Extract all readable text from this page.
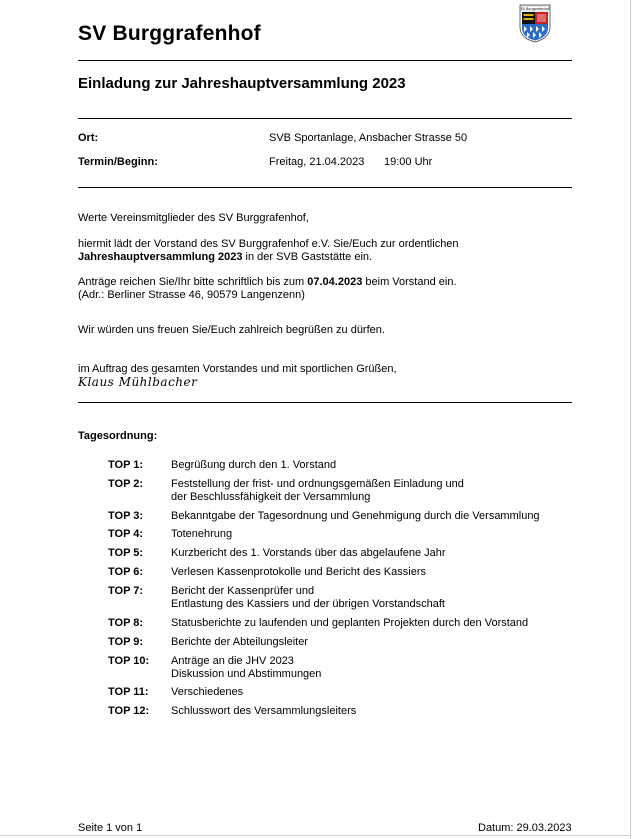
SV Burggrafenhof
SV Burggrafenhof
Einladung zur Jahreshauptversammlung 2023
Ort:	SVB Sportanlage, Ansbacher Strasse 50
Termin/Beginn:	Freitag, 21.04.2023 19:00 Uhr
Werte Vereinsmitglieder des SV Burggrafenhof,
hiermit lädt der Vorstand des SV Burggrafenhof e.V. Sie/Euch zur ordentlichen
Jahreshauptversammlung 2023 in der SVB Gaststätte ein.
Anträge reichen Sie/Ihr bitte schriftlich bis zum 07.04.2023 beim Vorstand ein.
(Adr.: Berliner Strasse 46, 90579 Langenzenn)
Wir würden uns freuen Sie/Euch zahlreich begrüßen zu dürfen.
im Auftrag des gesamten Vorstandes und mit sportlichen Grüßen,
Klaus Mühlbacher
Tagesordnung:
TOP 1:	Begrüßung durch den 1. Vorstand
TOP 2:	Feststellung der frist- und ordnungsgemäßen Einladung und
der Beschlussfähigkeit der Versammlung
TOP 3:	Bekanntgabe der Tagesordnung und Genehmigung durch die Versammlung
TOP 4:	Totenehrung
TOP 5:	Kurzbericht des 1. Vorstands über das abgelaufene Jahr
TOP 6:	Verlesen Kassenprotokolle und Bericht des Kassiers
TOP 7:	Bericht der Kassenprüfer und
Entlastung des Kassiers und der übrigen Vorstandschaft
TOP 8:	Statusberichte zu laufenden und geplanten Projekten durch den Vorstand
TOP 9:	Berichte der Abteilungsleiter
TOP 10: Anträge an die JHV 2023
Diskussion und Abstimmungen
TOP 11: Verschiedenes
TOP 12: Schlusswort des Versammlungsleiters
Seite 1 von 1	Datum: 29.03.2023
